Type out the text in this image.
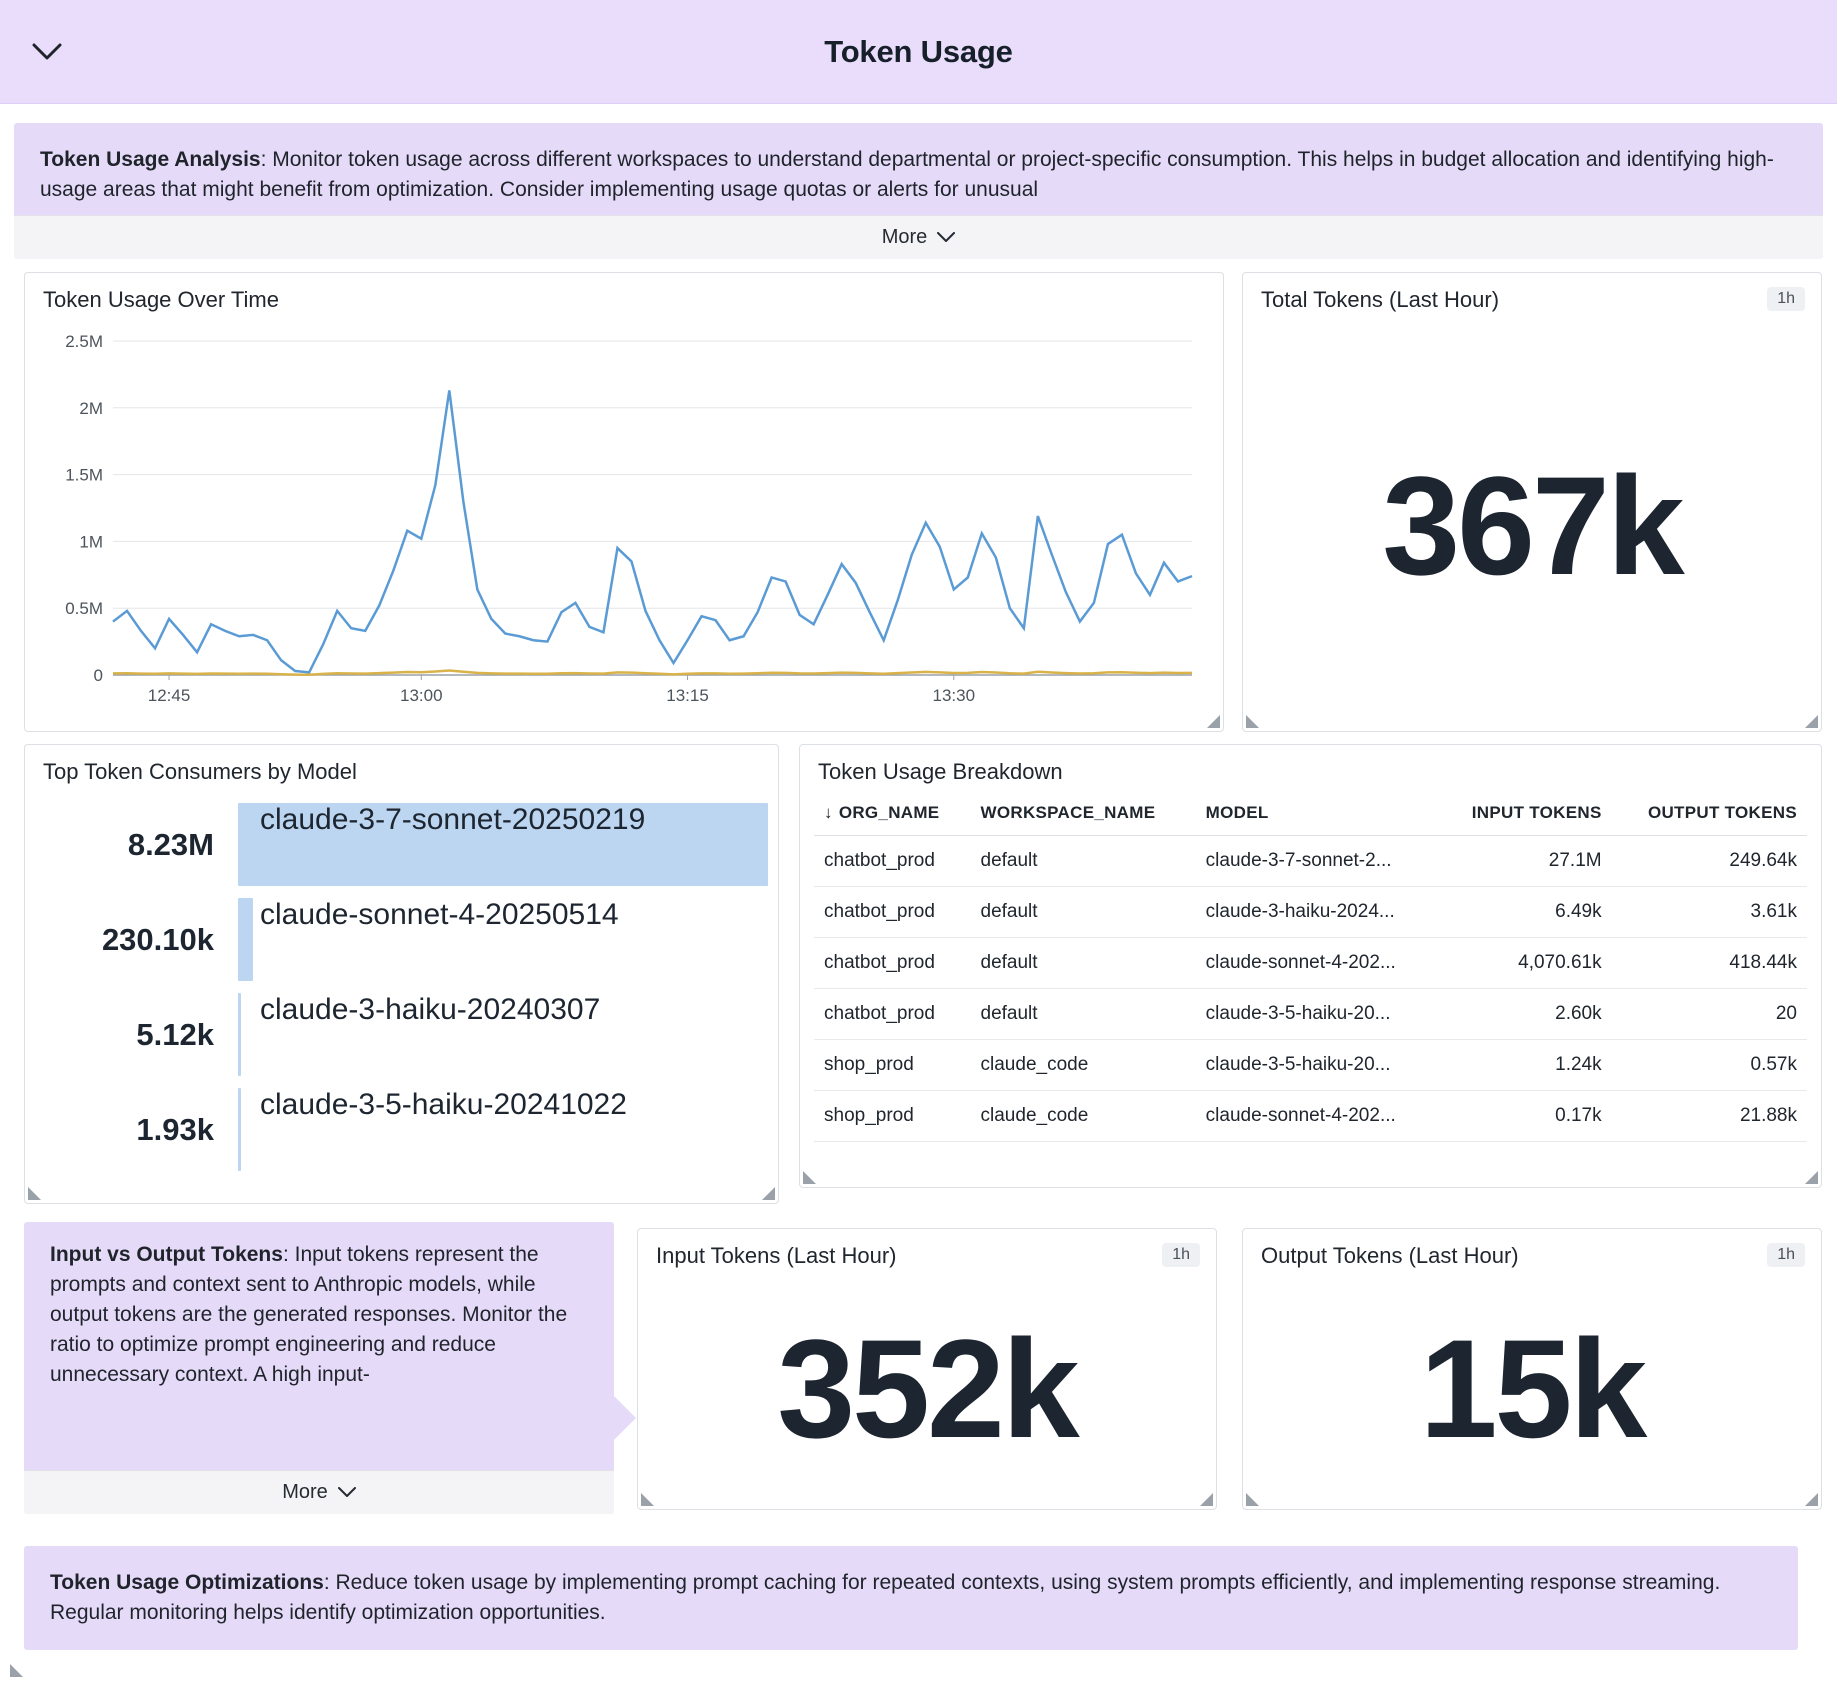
Token Usage
Token Usage Analysis: Monitor token usage across different workspaces to understand departmental or project-specific consumption. This helps in budget allocation and identifying high-usage areas that might benefit from optimization. Consider implementing usage quotas or alerts for unusual
More
Token Usage Over Time
0
0.5M
1M
1.5M
2M
2.5M
12:45	13:00	13:15	13:30
Total Tokens (Last Hour)	1h
367k
Top Token Consumers by Model
8.23M
claude-3-7-sonnet-20250219
230.10k
claude-sonnet-4-20250514
5.12k
claude-3-haiku-20240307
1.93k
claude-3-5-haiku-20241022
Token Usage Breakdown
↓ ORG_NAME	WORKSPACE_NAME	MODEL	INPUT TOKENS	OUTPUT TOKENS
chatbot_prod	default	claude-3-7-sonnet-2...	27.1M	249.64k
chatbot_prod	default	claude-3-haiku-2024...	6.49k	3.61k
chatbot_prod	default	claude-sonnet-4-202...	4,070.61k	418.44k
chatbot_prod	default	claude-3-5-haiku-20...	2.60k	20
shop_prod	claude_code	claude-3-5-haiku-20...	1.24k	0.57k
shop_prod	claude_code	claude-sonnet-4-202...	0.17k	21.88k
Input vs Output Tokens: Input tokens represent the prompts and context sent to Anthropic models, while output tokens are the generated responses. Monitor the ratio to optimize prompt engineering and reduce unnecessary context. A high input-
More
Input Tokens (Last Hour)	1h
352k
Output Tokens (Last Hour)	1h
15k
Token Usage Optimizations: Reduce token usage by implementing prompt caching for repeated contexts, using system prompts efficiently, and implementing response streaming. Regular monitoring helps identify optimization opportunities.
